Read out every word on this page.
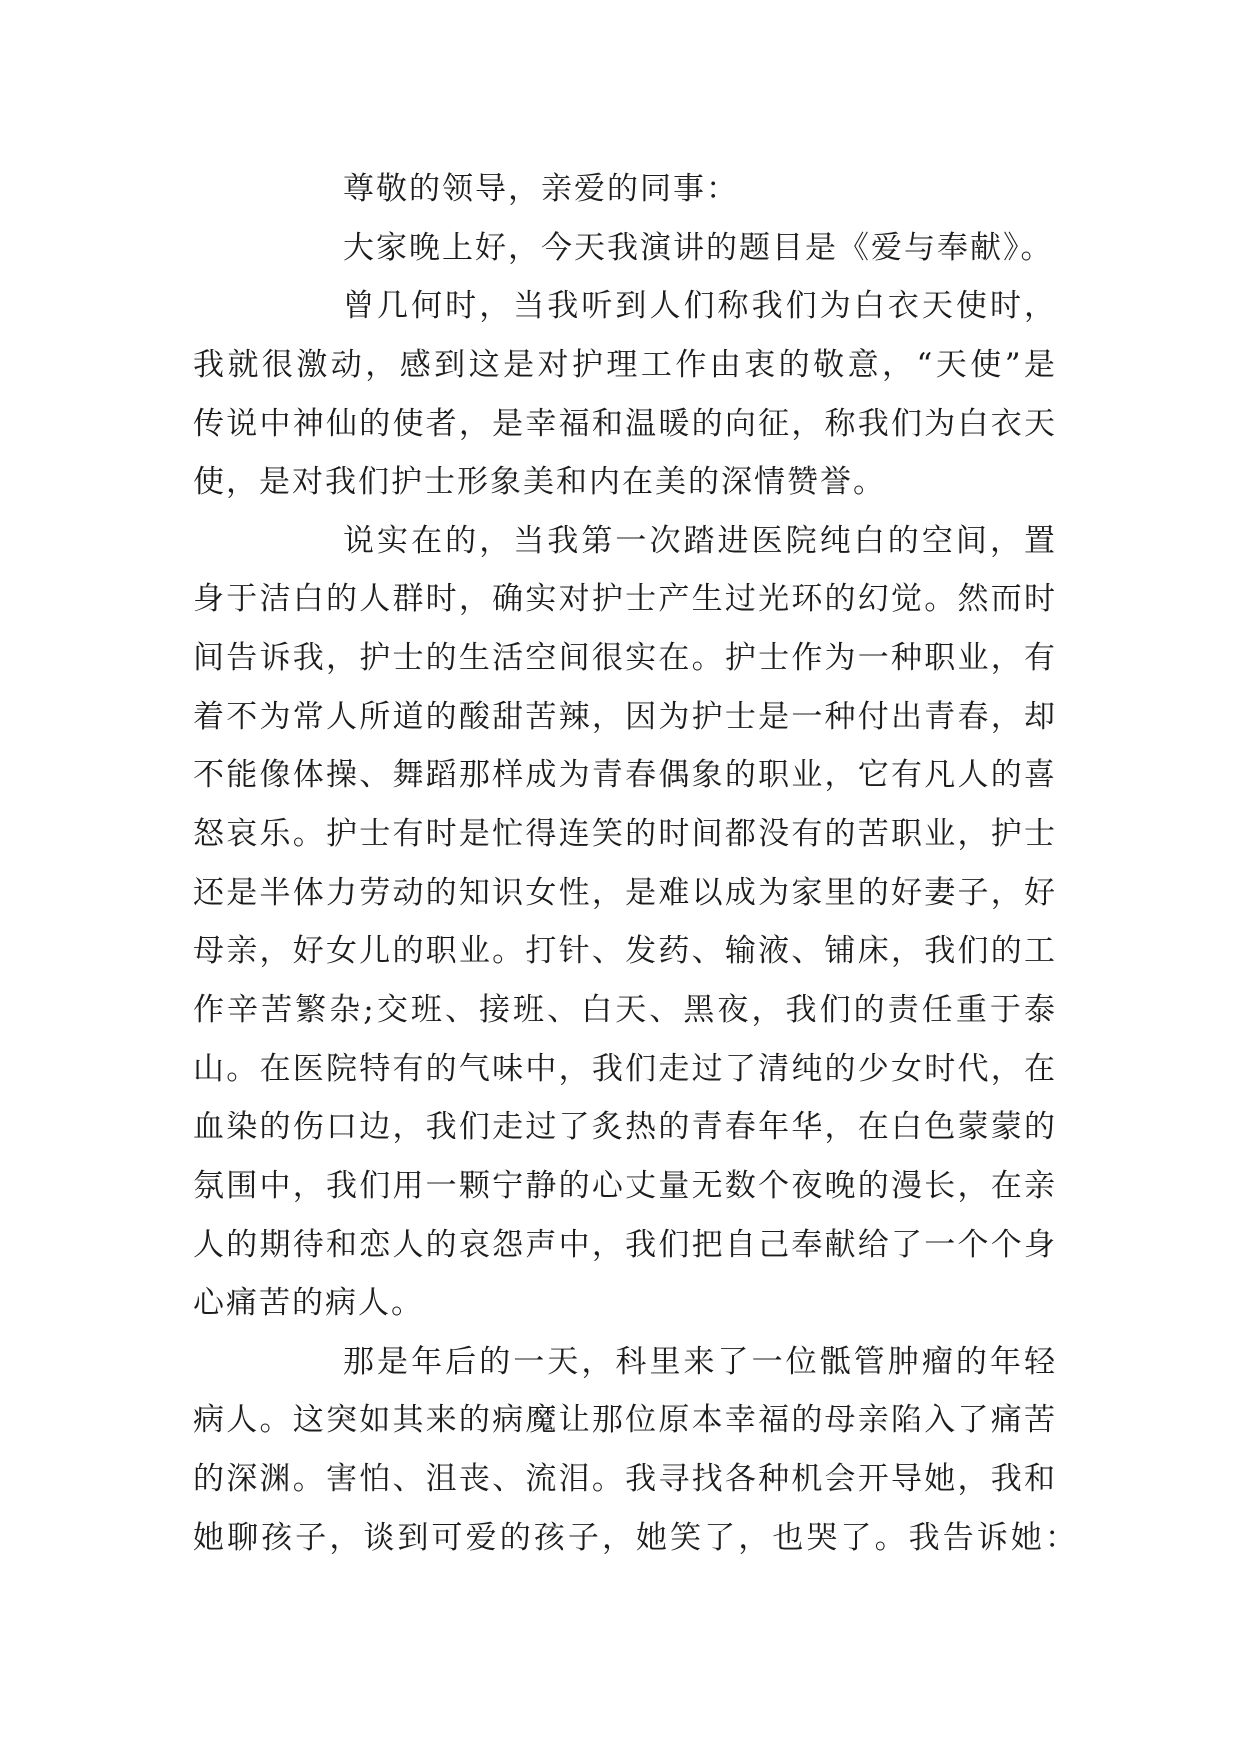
尊敬的领导，亲爱的同事：
大家晚上好，今天我演讲的题目是《爱与奉献》。
曾几何时，当我听到人们称我们为白衣天使时，
我就很激动，感到这是对护理工作由衷的敬意，“天使”是
传说中神仙的使者，是幸福和温暖的向征，称我们为白衣天
使，是对我们护士形象美和内在美的深情赞誉。
说实在的，当我第一次踏进医院纯白的空间，置
身于洁白的人群时，确实对护士产生过光环的幻觉。然而时
间告诉我，护士的生活空间很实在。护士作为一种职业，有
着不为常人所道的酸甜苦辣，因为护士是一种付出青春，却
不能像体操、舞蹈那样成为青春偶象的职业，它有凡人的喜
怒哀乐。护士有时是忙得连笑的时间都没有的苦职业，护士
还是半体力劳动的知识女性，是难以成为家里的好妻子，好
母亲，好女儿的职业。打针、发药、输液、铺床，我们的工
作辛苦繁杂;交班、接班、白天、黑夜，我们的责任重于泰
山。在医院特有的气味中，我们走过了清纯的少女时代，在
血染的伤口边，我们走过了炙热的青春年华，在白色蒙蒙的
氛围中，我们用一颗宁静的心丈量无数个夜晚的漫长，在亲
人的期待和恋人的哀怨声中，我们把自己奉献给了一个个身
心痛苦的病人。
那是年后的一天，科里来了一位骶管肿瘤的年轻
病人。这突如其来的病魔让那位原本幸福的母亲陷入了痛苦
的深渊。害怕、沮丧、流泪。我寻找各种机会开导她，我和
她聊孩子，谈到可爱的孩子，她笑了，也哭了。我告诉她：
